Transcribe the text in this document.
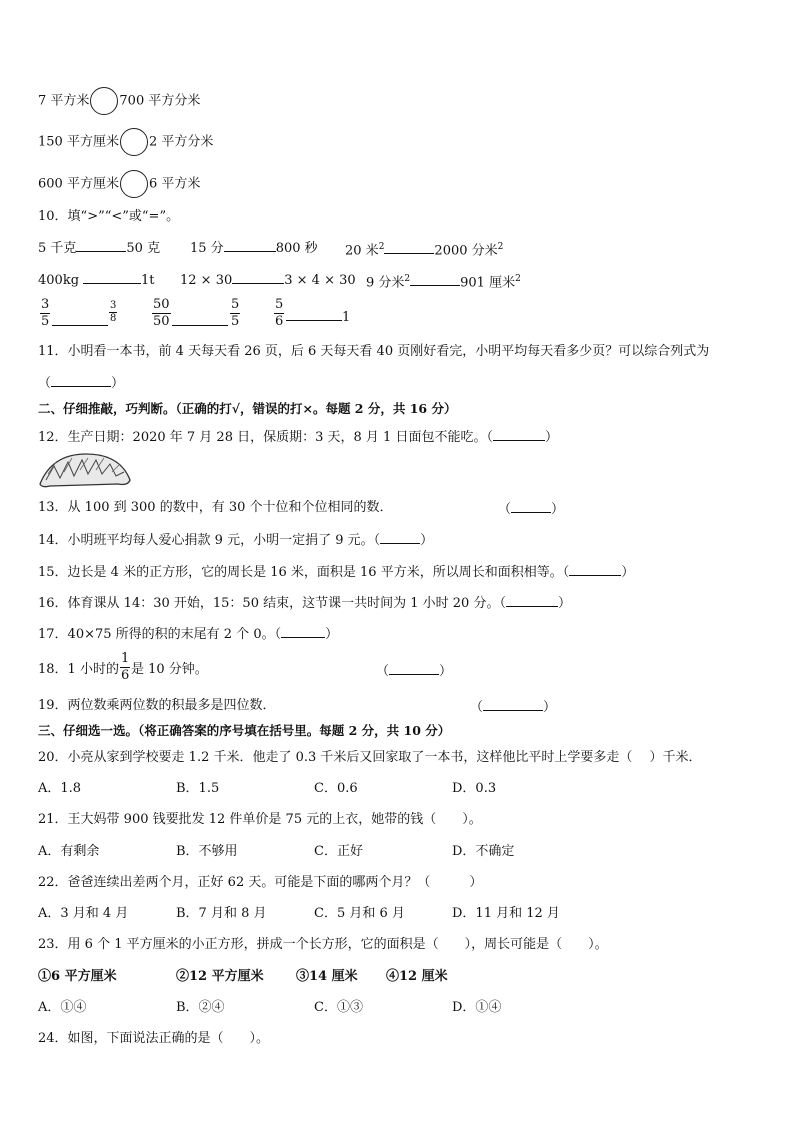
7 平方米 700 平方分米
150 平方厘米 2 平方分米
600 平方厘米 6 平方米
10．填“>”“<”或“=”。
5 千克	50 克 15 分	800 秒 20 米$^2$	2000 分米$^2$
400kg	1t 12 × 30	3 × 4 × 30 9 分米$^2$	901 厘米$^2$
$\frac{3}{5}$	$\frac{3}{8}$	$\frac{50}{50}$	$\frac{5}{5}$	$\frac{5}{6}$	1
11．小明看一本书，前 4 天每天看 26 页，后 6 天每天看 40 页刚好看完，小明平均每天看多少页？可以综合列式为
（	）
二、仔细推敲，巧判断。（正确的打√，错误的打×。每题 2 分，共 16 分）
12．生产日期：2020 年 7 月 28 日，保质期：3 天，8 月 1 日面包不能吃。（	）
13．从 100 到 300 的数中，有 30 个十位和个位相同的数．	（	）
14．小明班平均每人爱心捐款 9 元，小明一定捐了 9 元。（	）
15．边长是 4 米的正方形，它的周长是 16 米，面积是 16 平方米，所以周长和面积相等。（	）
16．体育课从 14：30 开始，15：50 结束，这节课一共时间为 1 小时 20 分。（	）
17．40×75 所得的积的末尾有 2 个 0。（	）
18．1 小时的 是 10 分钟。
$\frac{1}{6}$	（	）
19．两位数乘两位数的积最多是四位数．	（	）
三、仔细选一选。（将正确答案的序号填在括号里。每题 2 分，共 10 分）
20．小亮从家到学校要走 1.2 千米．他走了 0.3 千米后又回家取了一本书，这样他比平时上学要多走（　 ）千米．
A．1.8	B．1.5	C．0.6	D．0.3
21．王大妈带 900 钱要批发 12 件单价是 75 元的上衣，她带的钱（　　）。
A．有剩余	B．不够用	C．正好	D．不确定
22．爸爸连续出差两个月，正好 62 天。可能是下面的哪两个月？（　　　）
A．3 月和 4 月	B．7 月和 8 月	C．5 月和 6 月	D．11 月和 12 月
23．用 6 个 1 平方厘米的小正方形，拼成一个长方形，它的面积是（　　），周长可能是（　　）。
①6 平方厘米	②12 平方厘米 ③14 厘米 ④12 厘米
A．①④	B．②④	C．①③	D．①④
24．如图，下面说法正确的是（　　）。
